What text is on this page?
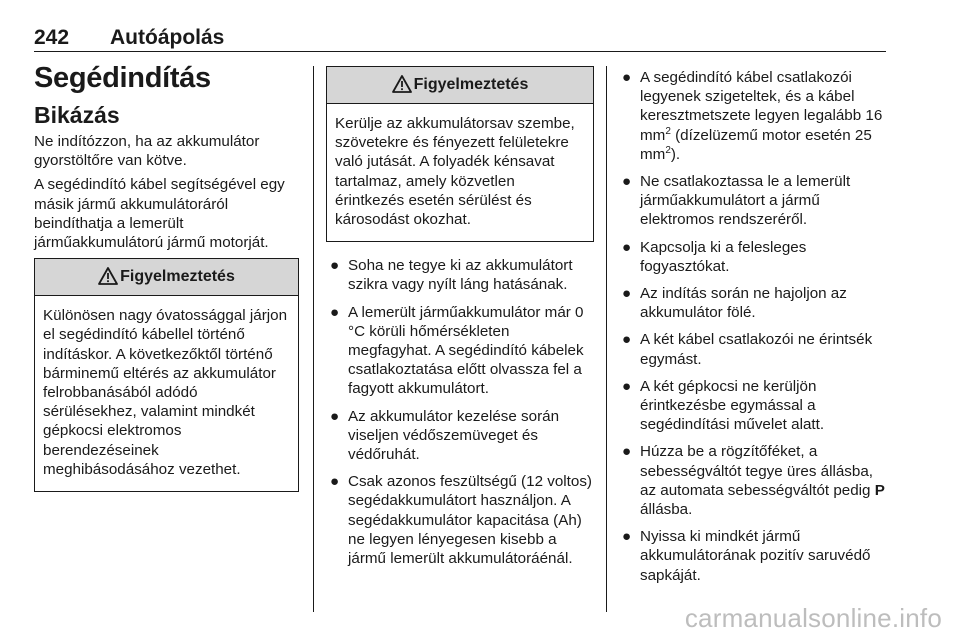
242 Autóápolás
Segédindítás
Bikázás

Ne indítózzon, ha az akkumulátor gyorstöltőre van kötve.

A segédindító kábel segítségével egy másik jármű akkumulátoráról beindíthatja a lemerült járműakkumulátorú jármű motorját.

Figyelmeztetés
Különösen nagy óvatossággal járjon el segédindító kábellel történő indításkor. A következőktől történő bárminemű eltérés az akkumulátor felrobbanásából adódó sérülésekhez, valamint mindkét gépkocsi elektromos berendezéseinek meghibásodásához vezethet.
Figyelmeztetés
Kerülje az akkumulátorsav szembe, szövetekre és fényezett felületekre való jutását. A folyadék kénsavat tartalmaz, amely közvetlen érintkezés esetén sérülést és károsodást okozhat.
● Soha ne tegye ki az akkumulátort szikra vagy nyílt láng hatásának.
● A lemerült járműakkumulátor már 0 °C körüli hőmérsékleten megfagyhat. A segédindító kábelek csatlakoztatása előtt olvassza fel a fagyott akkumulátort.
● Az akkumulátor kezelése során viseljen védőszemüveget és védőruhát.
● Csak azonos feszültségű (12 voltos) segédakkumulátort használjon. A segédakkumulátor kapacitása (Ah) ne legyen lényegesen kisebb a jármű lemerült akkumulátoráénál.
● A segédindító kábel csatlakozói legyenek szigeteltek, és a kábel keresztmetszete legyen legalább 16 $mm^2$ (dízelüzemű motor esetén 25 $mm^2$).
● Ne csatlakoztassa le a lemerült járműakkumulátort a jármű elektromos rendszeréről.
● Kapcsolja ki a felesleges fogyasztókat.
● Az indítás során ne hajoljon az akkumulátor fölé.
● A két kábel csatlakozói ne érintsék egymást.
● A két gépkocsi ne kerüljön érintkezésbe egymással a segédindítási művelet alatt.
● Húzza be a rögzítőféket, a sebességváltót tegye üres állásba, az automata sebességváltót pedig P állásba.
● Nyissa ki mindkét jármű akkumulátorának pozitív saruvédő sapkáját.
carmanualsonline.info
